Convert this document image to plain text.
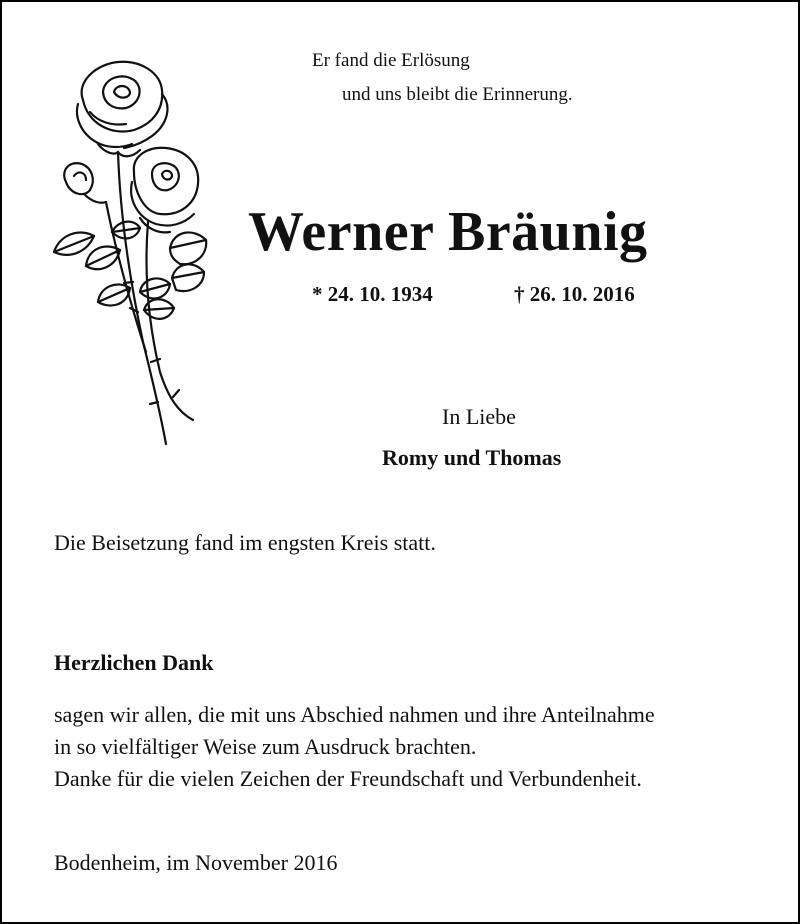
Er fand die Erlösung

und uns bleibt die Erinnerung.

Werner Bräunig

* 24. 10. 1934	† 26. 10. 2016

In Liebe

Romy und Thomas

Die Beisetzung fand im engsten Kreis statt.

Herzlichen Dank

sagen wir allen, die mit uns Abschied nahmen und ihre Anteilnahme

in so vielfältiger Weise zum Ausdruck brachten.

Danke für die vielen Zeichen der Freundschaft und Verbundenheit.

Bodenheim, im November 2016
